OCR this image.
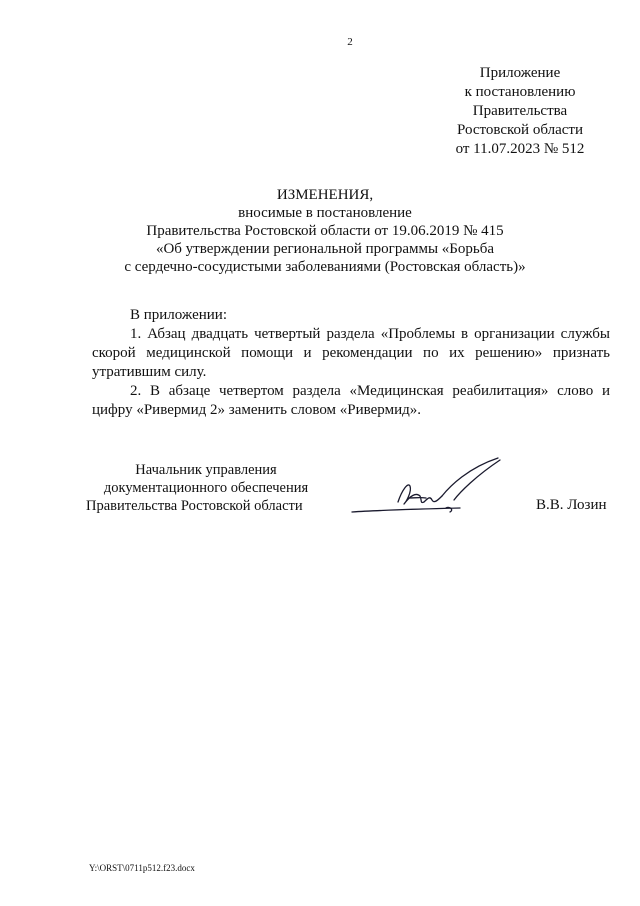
2
Приложение
к постановлению
Правительства
Ростовской области
от 11.07.2023 № 512
ИЗМЕНЕНИЯ,
вносимые в постановление
Правительства Ростовской области от 19.06.2019 № 415
«Об утверждении региональной программы «Борьба
с сердечно-сосудистыми заболеваниями (Ростовская область)»

В приложении:

1. Абзац двадцать четвертый раздела «Проблемы в организации службы скорой медицинской помощи и рекомендации по их решению» признать утратившим силу.

2. В абзаце четвертом раздела «Медицинская реабилитация» слово и цифру «Ривермид 2» заменить словом «Ривермид».

Начальник управления
документационного обеспечения
Правительства Ростовской области	В.В. Лозин
Y:\ORST\0711p512.f23.docx
